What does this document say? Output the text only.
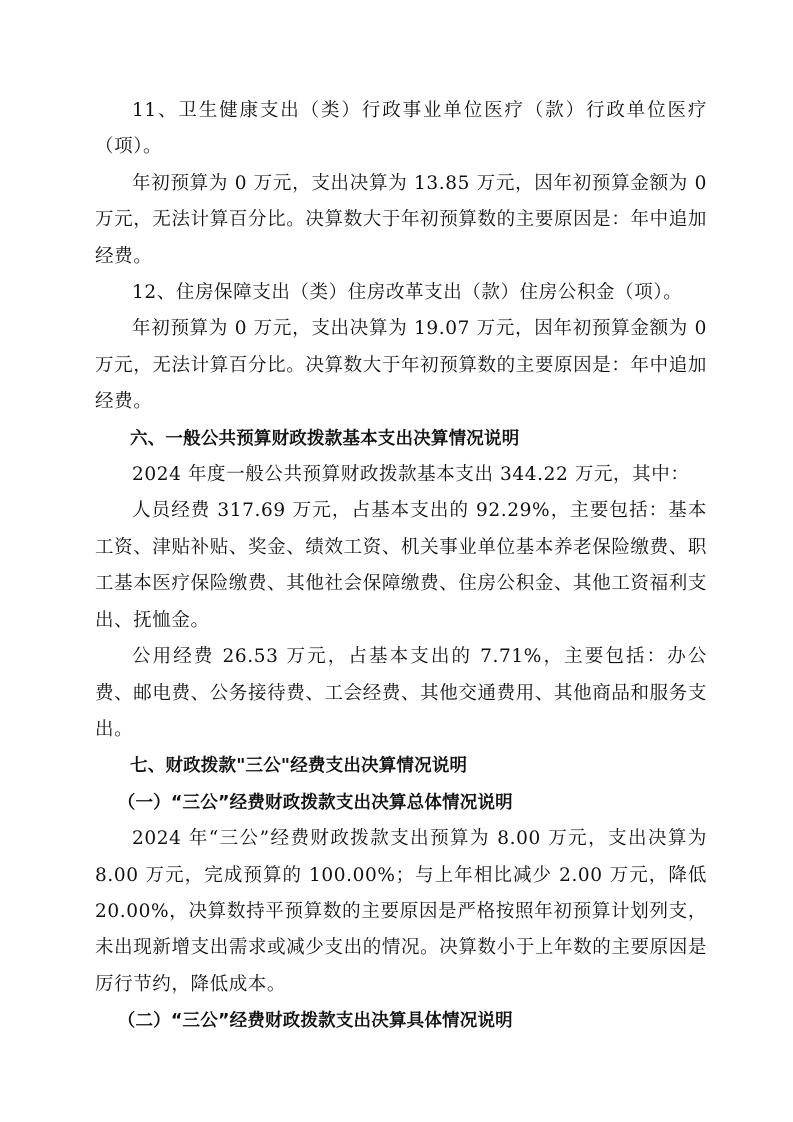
11、卫生健康支出（类）行政事业单位医疗（款）行政单位医疗（项）。

年初预算为 0 万元，支出决算为 13.85 万元，因年初预算金额为 0 万元，无法计算百分比。决算数大于年初预算数的主要原因是：年中追加经费。

12、住房保障支出（类）住房改革支出（款）住房公积金（项）。

年初预算为 0 万元，支出决算为 19.07 万元，因年初预算金额为 0 万元，无法计算百分比。决算数大于年初预算数的主要原因是：年中追加经费。

六、一般公共预算财政拨款基本支出决算情况说明

2024 年度一般公共预算财政拨款基本支出 344.22 万元，其中：

人员经费 317.69 万元，占基本支出的 92.29%，主要包括：基本工资、津贴补贴、奖金、绩效工资、机关事业单位基本养老保险缴费、职工基本医疗保险缴费、其他社会保障缴费、住房公积金、其他工资福利支出、抚恤金。

公用经费 26.53 万元，占基本支出的 7.71%，主要包括：办公费、邮电费、公务接待费、工会经费、其他交通费用、其他商品和服务支出。

七、财政拨款"三公"经费支出决算情况说明

（一）“三公”经费财政拨款支出决算总体情况说明

2024 年“三公”经费财政拨款支出预算为 8.00 万元，支出决算为 8.00 万元，完成预算的 100.00%；与上年相比减少 2.00 万元，降低 20.00%，决算数持平预算数的主要原因是严格按照年初预算计划列支，未出现新增支出需求或减少支出的情况。决算数小于上年数的主要原因是厉行节约，降低成本。

（二）“三公”经费财政拨款支出决算具体情况说明
